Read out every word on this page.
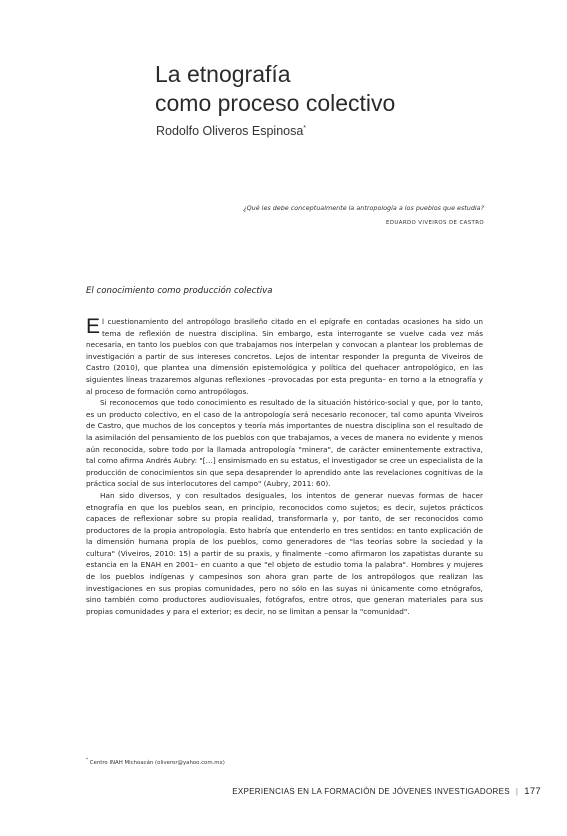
La etnografía
como proceso colectivo
Rodolfo Oliveros Espinosa*
¿Qué les debe conceptualmente la antropología a los pueblos que estudia?
EDUARDO VIVEIROS DE CASTRO
El conocimiento como producción colectiva

El cuestionamiento del antropólogo brasileño citado en el epígrafe en contadas ocasiones ha sido un tema de reflexión de nuestra disciplina. Sin embargo, esta interrogante se vuelve cada vez más necesaria, en tanto los pueblos con que trabajamos nos interpelan y convocan a plantear los problemas de investigación a partir de sus intereses concretos. Lejos de intentar responder la pregunta de Viveiros de Castro (2010), que plantea una dimensión epistemológica y política del quehacer antropológico, en las siguientes líneas trazaremos algunas reflexiones –provocadas por esta pregunta– en torno a la etnografía y al proceso de formación como antropólogos.

Si reconocemos que todo conocimiento es resultado de la situación histórico-social y que, por lo tanto, es un producto colectivo, en el caso de la antropología será necesario reconocer, tal como apunta Viveiros de Castro, que muchos de los conceptos y teoría más importantes de nuestra disciplina son el resultado de la asimilación del pensamiento de los pueblos con que trabajamos, a veces de manera no evidente y menos aún reconocida, sobre todo por la llamada antropología "minera", de carácter eminentemente extractiva, tal como afirma Andrés Aubry: "[…] ensimismado en su estatus, el investigador se cree un especialista de la producción de conocimientos sin que sepa desaprender lo aprendido ante las revelaciones cognitivas de la práctica social de sus interlocutores del campo" (Aubry, 2011: 60).

Han sido diversos, y con resultados desiguales, los intentos de generar nuevas formas de hacer etnografía en que los pueblos sean, en principio, reconocidos como sujetos; es decir, sujetos prácticos capaces de reflexionar sobre su propia realidad, transformarla y, por tanto, de ser reconocidos como productores de la propia antropología. Esto habría que entenderlo en tres sentidos: en tanto explicación de la dimensión humana propia de los pueblos, como generadores de "las teorías sobre la sociedad y la cultura" (Viveiros, 2010: 15) a partir de su praxis, y finalmente –como afirmaron los zapatistas durante su estancia en la ENAH en 2001– en cuanto a que "el objeto de estudio toma la palabra". Hombres y mujeres de los pueblos indígenas y campesinos son ahora gran parte de los antropólogos que realizan las investigaciones en sus propias comunidades, pero no sólo en las suyas ni únicamente como etnógrafos, sino también como productores audiovisuales, fotógrafos, entre otros, que generan materiales para sus propias comunidades y para el exterior; es decir, no se limitan a pensar la "comunidad".

* Centro INAH Michoacán (oliveror@yahoo.com.mx)
EXPERIENCIAS EN LA FORMACIÓN DE JÓVENES INVESTIGADORES | 177
